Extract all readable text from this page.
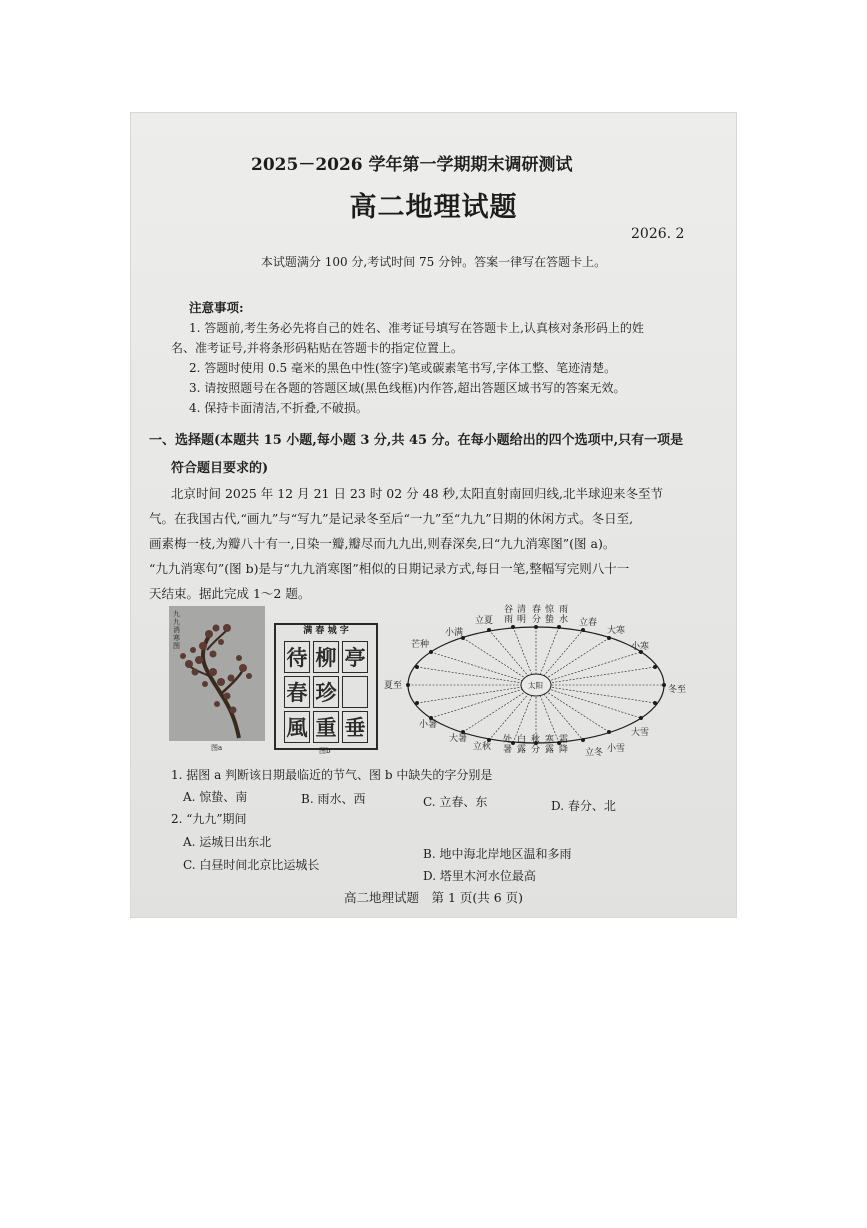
2025－2026 学年第一学期期末调研测试
高二地理试题
2026. 2
本试题满分 100 分,考试时间 75 分钟。答案一律写在答题卡上。
注意事项:
1. 答题前,考生务必先将自己的姓名、准考证号填写在答题卡上,认真核对条形码上的姓
名、准考证号,并将条形码粘贴在答题卡的指定位置上。
2. 答题时使用 0.5 毫米的黑色中性(签字)笔或碳素笔书写,字体工整、笔迹清楚。
3. 请按照题号在各题的答题区域(黑色线框)内作答,超出答题区域书写的答案无效。
4. 保持卡面清洁,不折叠,不破损。
一、选择题(本题共 15 小题,每小题 3 分,共 45 分。在每小题给出的四个选项中,只有一项是
符合题目要求的)
北京时间 2025 年 12 月 21 日 23 时 02 分 48 秒,太阳直射南回归线,北半球迎来冬至节
气。在我国古代,“画九”与“写九”是记录冬至后“一九”至“九九”日期的休闲方式。冬日至,
画素梅一枝,为瓣八十有一,日染一瓣,瓣尽而九九出,则春深矣,曰“九九消寒图”(图 a)。
“九九消寒句”(图 b)是与“九九消寒图”相似的日期记录方式,每日一笔,整幅写完则八十一
天结束。据此完成 1～2 题。
九九消寒图
图a
满 春 城 字
待 柳 亭
春 珍
風 重 垂
图b
太阳
夏至	冬至
芒种
小满
立夏
小寒
大寒
立春
小暑
大暑
立秋
立冬 小雪
大雪
谷雨
清明
春分
惊蛰
雨水
处暑
白露
秋分
寒露
霜降
1. 据图 a 判断该日期最临近的节气、图 b 中缺失的字分别是
A. 惊蛰、南	B. 雨水、西	C. 立春、东	D. 春分、北
2. “九九”期间
A. 运城日出东北
B. 地中海北岸地区温和多雨
C. 白昼时间北京比运城长
D. 塔里木河水位最高
高二地理试题　第 1 页(共 6 页)
